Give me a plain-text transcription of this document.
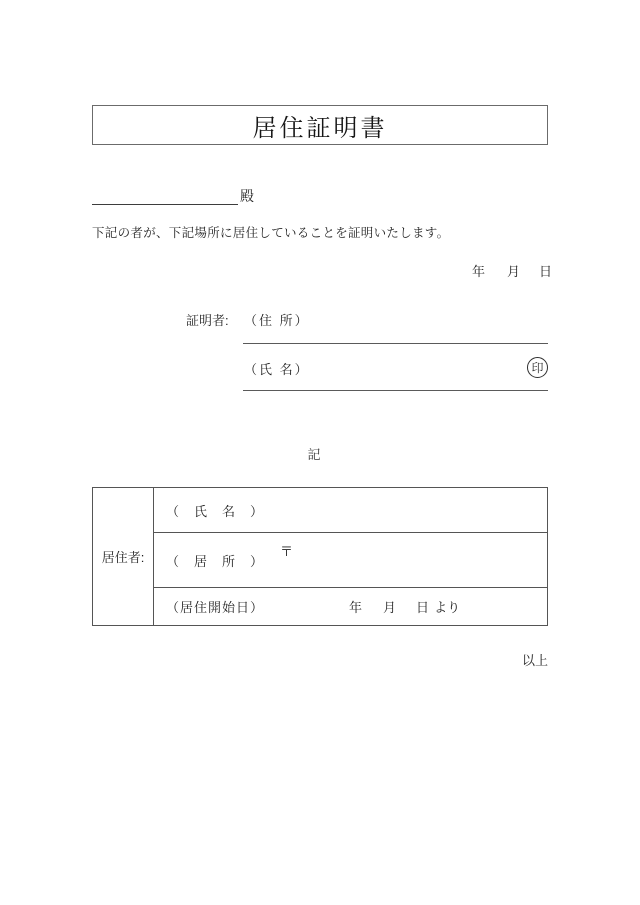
居住証明書
殿
下記の者が、下記場所に居住していることを証明いたします。
年 月 日
証明者: （住 所）
（氏 名）	印
記
居住者:
（　氏　名　）
（　居　所　）
〒
（居住開始日）	年 月 日 より
以上
